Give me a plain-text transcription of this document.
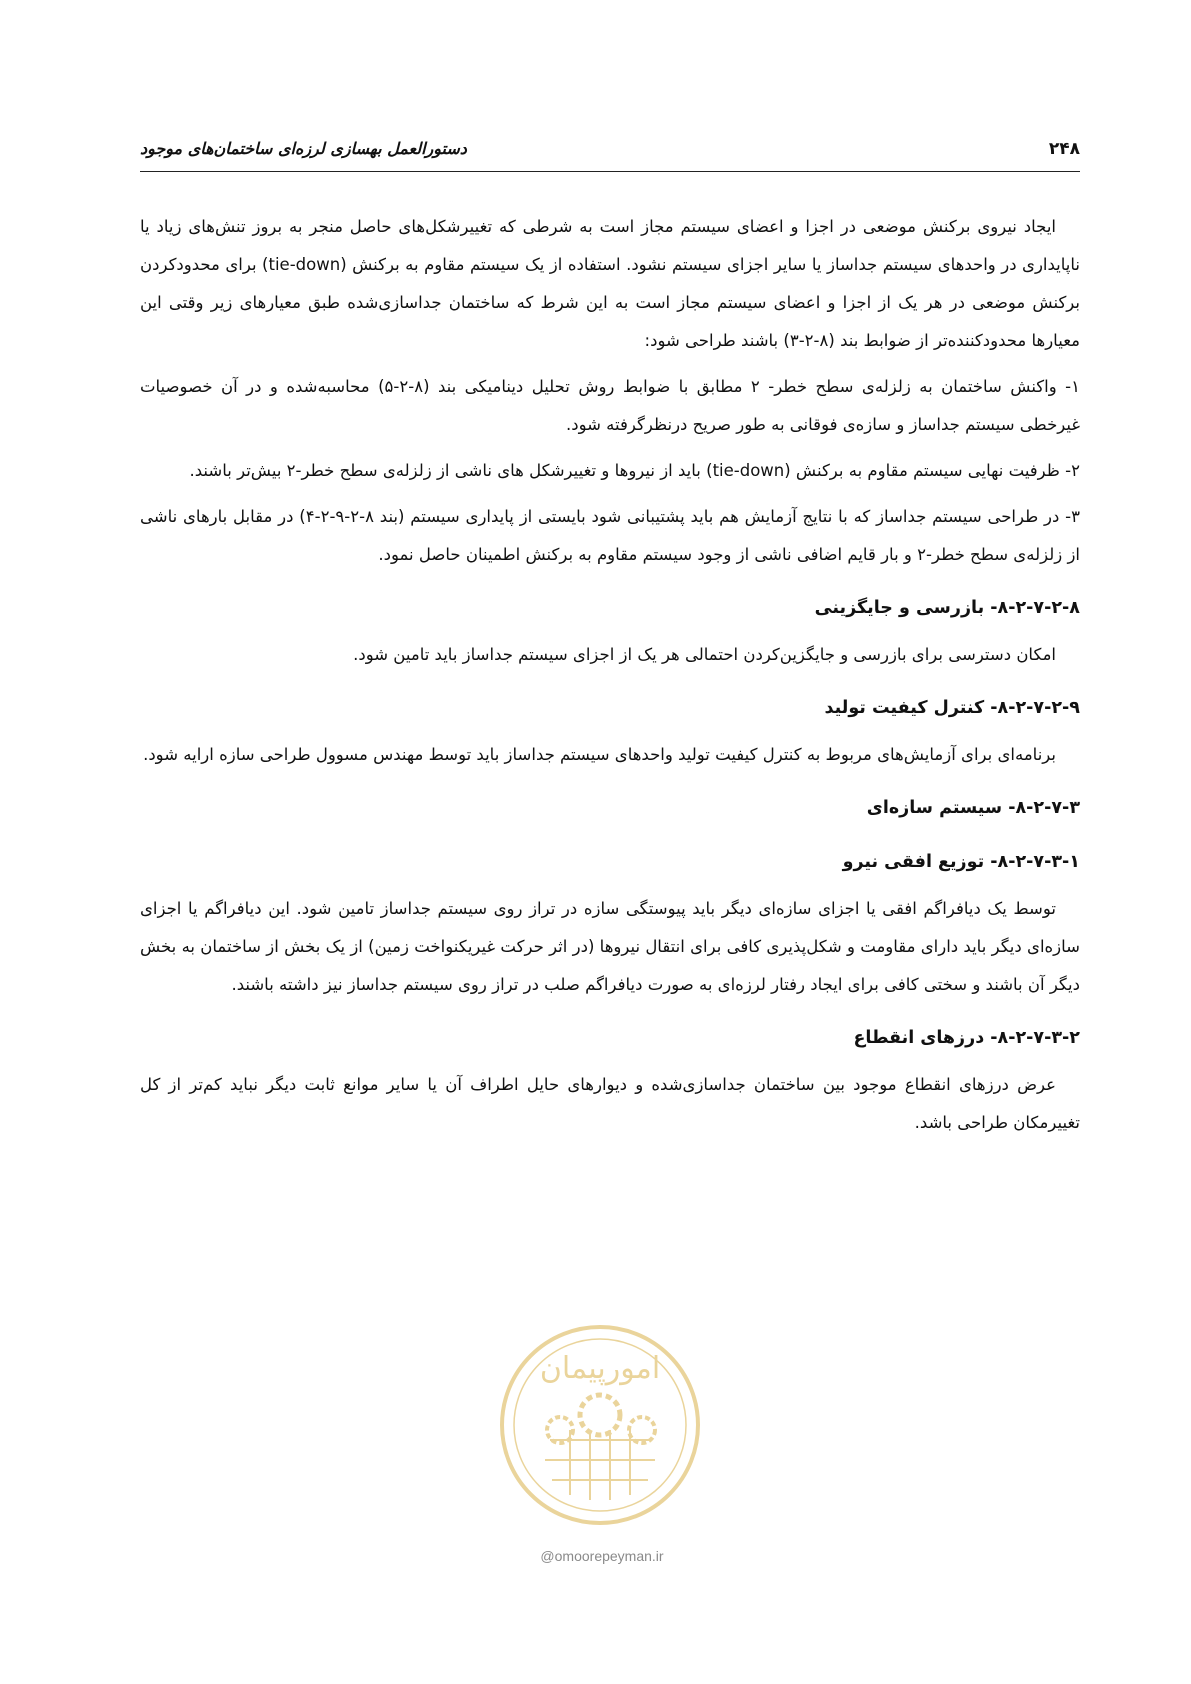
۲۴۸
دستورالعمل بهسازی لرزه‌ای ساختمان‌های موجود

ایجاد نیروی برکنش موضعی در اجزا و اعضای سیستم مجاز است به شرطی که تغییرشکل‌های حاصل منجر به بروز تنش‌های زیاد یا ناپایداری در واحدهای سیستم جداساز یا سایر اجزای سیستم نشود. استفاده از یک سیستم مقاوم به برکنش (tie-down) برای محدودکردن برکنش موضعی در هر یک از اجزا و اعضای سیستم مجاز است به این شرط که ساختمان جداسازی‌شده طبق معیارهای زیر وقتی این معیارها محدودکننده‌تر از ضوابط بند (۸-۲-۳) باشند طراحی شود:

۱- واکنش ساختمان به زلزله‌ی سطح خطر- ۲ مطابق با ضوابط روش تحلیل دینامیکی بند (۸-۲-۵) محاسبه‌شده و در آن خصوصیات غیرخطی سیستم جداساز و سازه‌ی فوقانی به طور صریح درنظرگرفته شود.

۲- ظرفیت نهایی سیستم مقاوم به برکنش (tie-down) باید از نیروها و تغییرشکل های ناشی از زلزله‌ی سطح خطر-۲ بیش‌تر باشند.

۳- در طراحی سیستم جداساز که با نتایج آزمایش هم باید پشتیبانی شود بایستی از پایداری سیستم (بند ۸-۲-۹-۲-۴) در مقابل بارهای ناشی از زلزله‌ی سطح خطر-۲ و بار قایم اضافی ناشی از وجود سیستم مقاوم به برکنش اطمینان حاصل نمود.

۸-۲-۷-۲-۸- بازرسی و جایگزینی

امکان دسترسی برای بازرسی و جایگزین‌کردن احتمالی هر یک از اجزای سیستم جداساز باید تامین شود.

۸-۲-۷-۲-۹- کنترل کیفیت تولید

برنامه‌ای برای آزمایش‌های مربوط به کنترل کیفیت تولید واحدهای سیستم جداساز باید توسط مهندس مسوول طراحی سازه ارایه شود.

۸-۲-۷-۳- سیستم سازه‌ای
۸-۲-۷-۳-۱- توزیع افقی نیرو

توسط یک دیافراگم افقی یا اجزای سازه‌ای دیگر باید پیوستگی سازه در تراز روی سیستم جداساز تامین شود. این دیافراگم یا اجزای سازه‌ای دیگر باید دارای مقاومت و شکل‌پذیری کافی برای انتقال نیروها (در اثر حرکت غیریکنواخت زمین) از یک بخش از ساختمان به بخش دیگر آن باشند و سختی کافی برای ایجاد رفتار لرزه‌ای به صورت دیافراگم صلب در تراز روی سیستم جداساز نیز داشته باشند.

۸-۲-۷-۳-۲- درزهای انقطاع

عرض درزهای انقطاع موجود بین ساختمان جداسازی‌شده و دیوارهای حایل اطراف آن یا سایر موانع ثابت دیگر نباید کم‌تر از کل تغییرمکان طراحی باشد.

امورپیمان
@omoorepeyman.ir
